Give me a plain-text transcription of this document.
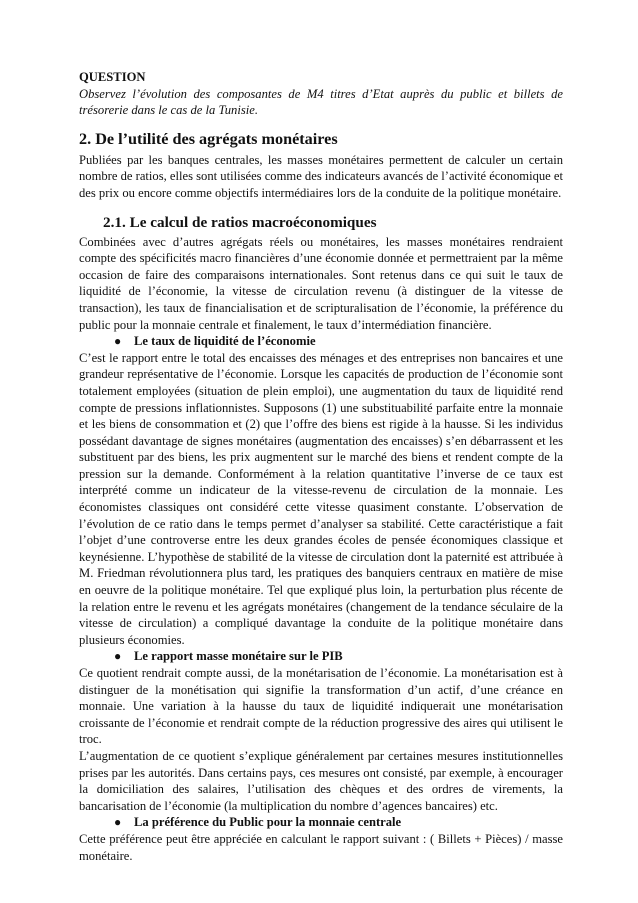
QUESTION

Observez l’évolution des composantes de M4 titres d’Etat auprès du public et billets de trésorerie dans le cas de la Tunisie.

2. De l’utilité des agrégats monétaires

Publiées par les banques centrales, les masses monétaires permettent de calculer un certain nombre de ratios, elles sont utilisées comme des indicateurs avancés de l’activité économique et des prix ou encore comme objectifs intermédiaires lors de la conduite de la politique monétaire.

2.1. Le calcul de ratios macroéconomiques

Combinées avec d’autres agrégats réels ou monétaires, les masses monétaires rendraient compte des spécificités macro financières d’une économie donnée et permettraient par la même occasion de faire des comparaisons internationales. Sont retenus dans ce qui suit le taux de liquidité de l’économie, la vitesse de circulation revenu (à distinguer de la vitesse de transaction), les taux de financialisation et de scripturalisation de l’économie, la préférence du public pour la monnaie centrale et finalement, le taux d’intermédiation financière.

●	Le taux de liquidité de l’économie

C’est le rapport entre le total des encaisses des ménages et des entreprises non bancaires et une grandeur représentative de l’économie. Lorsque les capacités de production de l’économie sont totalement employées (situation de plein emploi), une augmentation du taux de liquidité rend compte de pressions inflationnistes. Supposons (1) une substituabilité parfaite entre la monnaie et les biens de consommation et (2) que l’offre des biens est rigide à la hausse. Si les individus possédant davantage de signes monétaires (augmentation des encaisses) s’en débarrassent et les substituent par des biens, les prix augmentent sur le marché des biens et rendent compte de la pression sur la demande. Conformément à la relation quantitative l’inverse de ce taux est interprété comme un indicateur de la vitesse-revenu de circulation de la monnaie. Les économistes classiques ont considéré cette vitesse quasiment constante. L’observation de l’évolution de ce ratio dans le temps permet d’analyser sa stabilité. Cette caractéristique a fait l’objet d’une controverse entre les deux grandes écoles de pensée économiques classique et keynésienne. L’hypothèse de stabilité de la vitesse de circulation dont la paternité est attribuée à M. Friedman révolutionnera plus tard, les pratiques des banquiers centraux en matière de mise en oeuvre de la politique monétaire. Tel que expliqué plus loin, la perturbation plus récente de la relation entre le revenu et les agrégats monétaires (changement de la tendance séculaire de la vitesse de circulation) a compliqué davantage la conduite de la politique monétaire dans plusieurs économies.

●	Le rapport masse monétaire sur le PIB

Ce quotient rendrait compte aussi, de la monétarisation de l’économie. La monétarisation est à distinguer de la monétisation qui signifie la transformation d’un actif, d’une créance en monnaie. Une variation à la hausse du taux de liquidité indiquerait une monétarisation croissante de l’économie et rendrait compte de la réduction progressive des aires qui utilisent le troc.

L’augmentation de ce quotient s’explique généralement par certaines mesures institutionnelles prises par les autorités. Dans certains pays, ces mesures ont consisté, par exemple, à encourager la domiciliation des salaires, l’utilisation des chèques et des ordres de virements, la bancarisation de l’économie (la multiplication du nombre d’agences bancaires) etc.

●	La préférence du Public pour la monnaie centrale

Cette préférence peut être appréciée en calculant le rapport suivant : ( Billets + Pièces) / masse monétaire.
